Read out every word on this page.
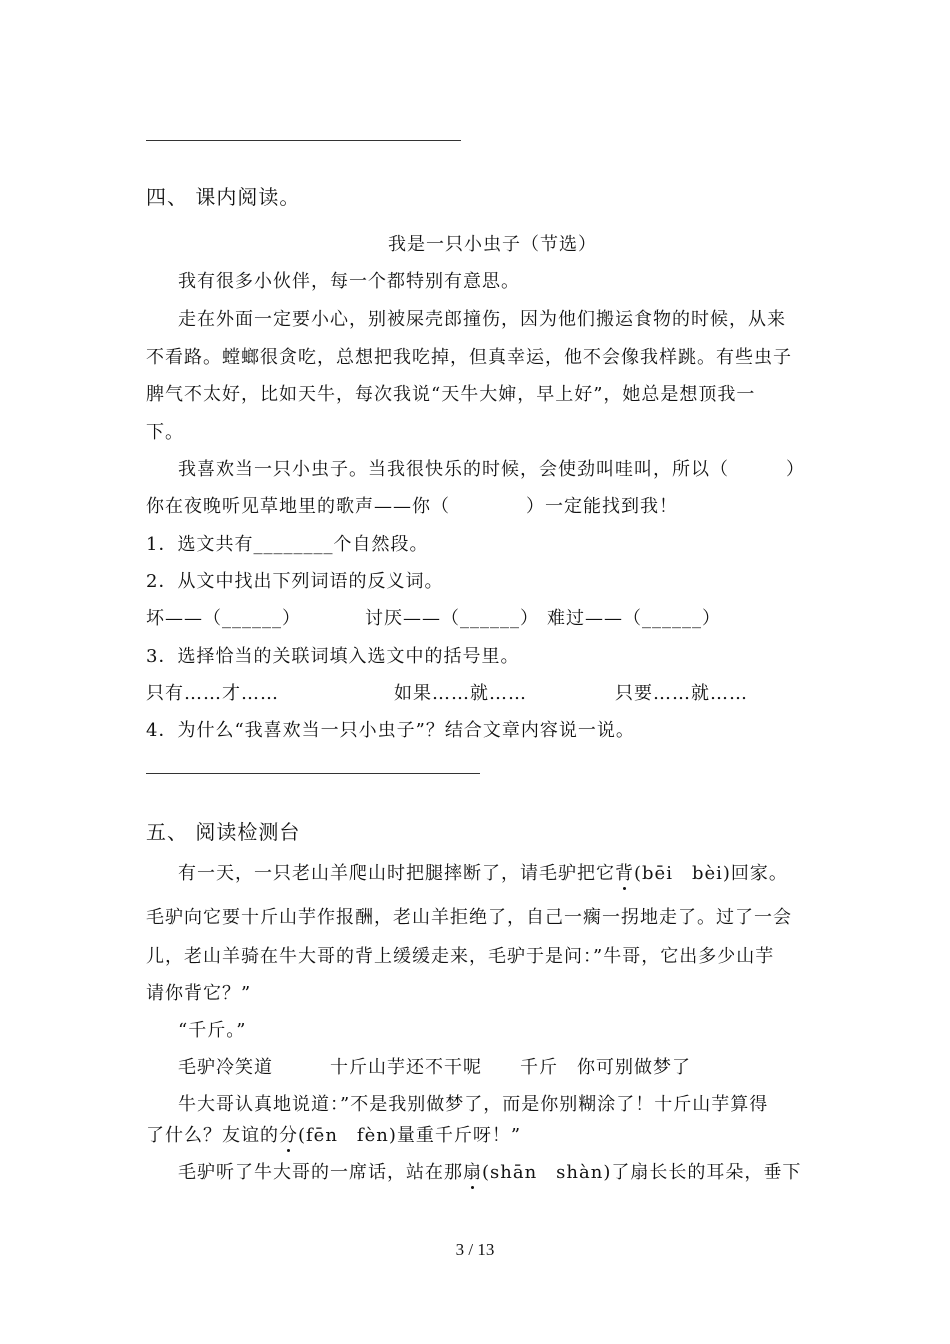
四、 课内阅读。
我是一只小虫子（节选）
我有很多小伙伴，每一个都特别有意思。
走在外面一定要小心，别被屎壳郎撞伤，因为他们搬运食物的时候，从来
不看路。螳螂很贪吃，总想把我吃掉，但真幸运，他不会像我样跳。有些虫子
脾气不太好，比如天牛，每次我说“天牛大婶，早上好”，她总是想顶我一
下。
我喜欢当一只小虫子。当我很快乐的时候，会使劲叫哇叫，所以（　　　）
你在夜晚听见草地里的歌声——你（　　　　）一定能找到我！
1．选文共有________个自然段。
2．从文中找出下列词语的反义词。
坏——（______）	讨厌——（______） 难过——（______）
3．选择恰当的关联词填入选文中的括号里。
只有……才……	如果……就……	只要……就……
4．为什么“我喜欢当一只小虫子”？结合文章内容说一说。
五、 阅读检测台
有一天，一只老山羊爬山时把腿摔断了，请毛驴把它背(bēi　bèi)回家。
毛驴向它要十斤山芋作报酬，老山羊拒绝了，自己一瘸一拐地走了。过了一会
儿，老山羊骑在牛大哥的背上缓缓走来，毛驴于是问：”牛哥，它出多少山芋
请你背它？”
“千斤。”
毛驴冷笑道　　　十斤山芋还不干呢　　千斤　你可别做梦了
牛大哥认真地说道：”不是我别做梦了，而是你别糊涂了！十斤山芋算得
了什么？友谊的分(fēn　fèn)量重千斤呀！”
毛驴听了牛大哥的一席话，站在那扇(shān　shàn)了扇长长的耳朵，垂下
3 / 13
